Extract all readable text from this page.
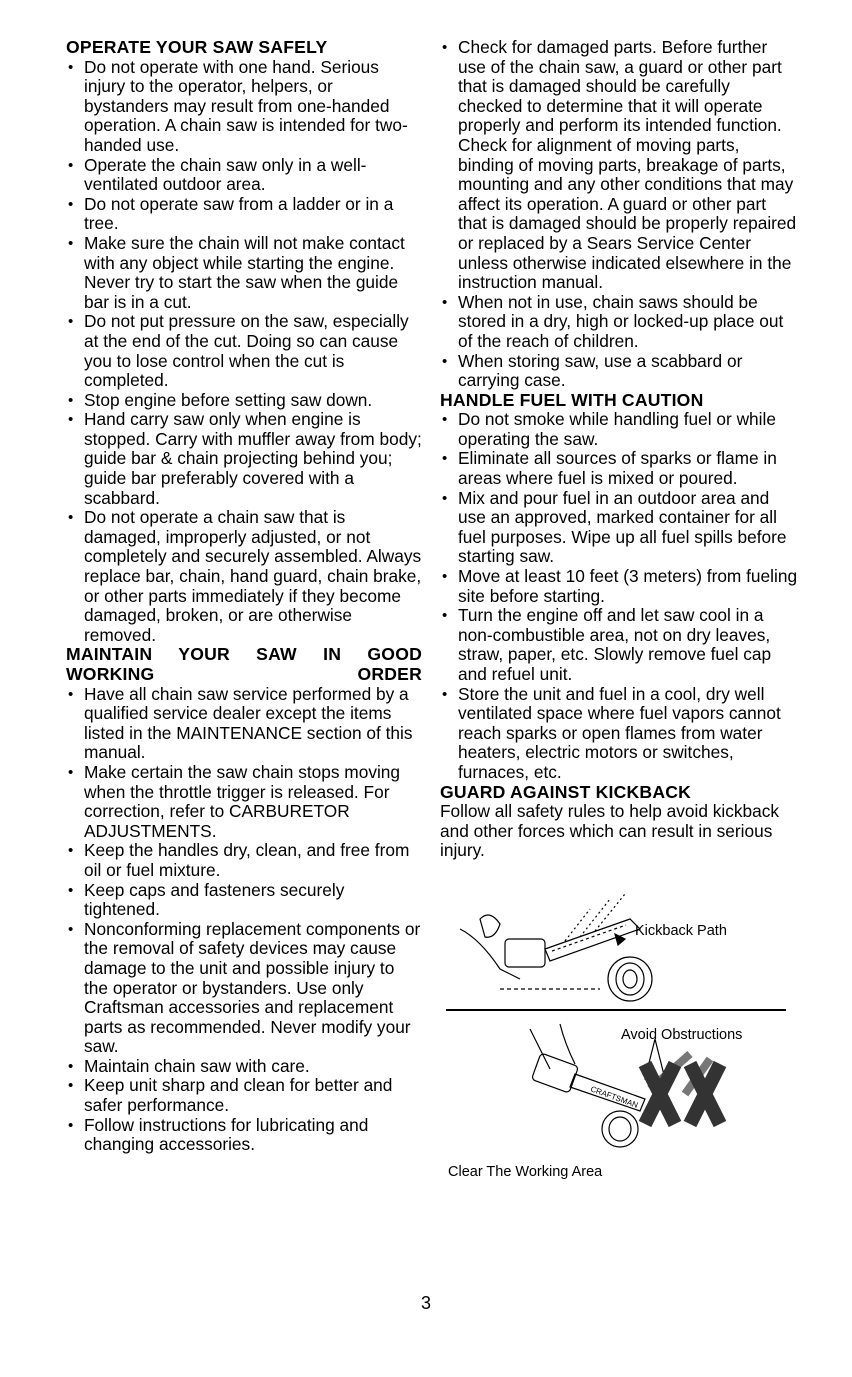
OPERATE YOUR SAW SAFELY

• Do not operate with one hand. Serious injury to the operator, helpers, or bystanders may result from one-handed operation. A chain saw is intended for two-handed use.

• Operate the chain saw only in a well-ventilated outdoor area.

• Do not operate saw from a ladder or in a tree.

• Make sure the chain will not make contact with any object while starting the engine. Never try to start the saw when the guide bar is in a cut.

• Do not put pressure on the saw, especially at the end of the cut. Doing so can cause you to lose control when the cut is completed.

• Stop engine before setting saw down.

• Hand carry saw only when engine is stopped. Carry with muffler away from body; guide bar & chain projecting behind you; guide bar preferably covered with a scabbard.

• Do not operate a chain saw that is damaged, improperly adjusted, or not completely and securely assembled. Always replace bar, chain, hand guard, chain brake, or other parts immediately if they become damaged, broken, or are otherwise removed.

MAINTAIN YOUR SAW IN GOOD WORKING ORDER

• Have all chain saw service performed by a qualified service dealer except the items listed in the MAINTENANCE section of this manual.

• Make certain the saw chain stops moving when the throttle trigger is released. For correction, refer to CARBURETOR ADJUSTMENTS.

• Keep the handles dry, clean, and free from oil or fuel mixture.

• Keep caps and fasteners securely tightened.

• Nonconforming replacement components or the removal of safety devices may cause damage to the unit and possible injury to the operator or bystanders. Use only Craftsman accessories and replacement parts as recommended. Never modify your saw.

• Maintain chain saw with care.

• Keep unit sharp and clean for better and safer performance.

• Follow instructions for lubricating and changing accessories.

• Check for damaged parts. Before further use of the chain saw, a guard or other part that is damaged should be carefully checked to determine that it will operate properly and perform its intended function. Check for alignment of moving parts, binding of moving parts, breakage of parts, mounting and any other conditions that may affect its operation. A guard or other part that is damaged should be properly repaired or replaced by a Sears Service Center unless otherwise indicated elsewhere in the instruction manual.

• When not in use, chain saws should be stored in a dry, high or locked-up place out of the reach of children.

• When storing saw, use a scabbard or carrying case.

HANDLE FUEL WITH CAUTION

• Do not smoke while handling fuel or while operating the saw.

• Eliminate all sources of sparks or flame in areas where fuel is mixed or poured.

• Mix and pour fuel in an outdoor area and use an approved, marked container for all fuel purposes. Wipe up all fuel spills before starting saw.

• Move at least 10 feet (3 meters) from fueling site before starting.

• Turn the engine off and let saw cool in a non-combustible area, not on dry leaves, straw, paper, etc. Slowly remove fuel cap and refuel unit.

• Store the unit and fuel in a cool, dry well ventilated space where fuel vapors cannot reach sparks or open flames from water heaters, electric motors or switches, furnaces, etc.

GUARD AGAINST KICKBACK

Follow all safety rules to help avoid kickback and other forces which can result in serious injury.

Kickback Path
Avoid Obstructions
Clear The Working Area
CRAFTSMAN
3
